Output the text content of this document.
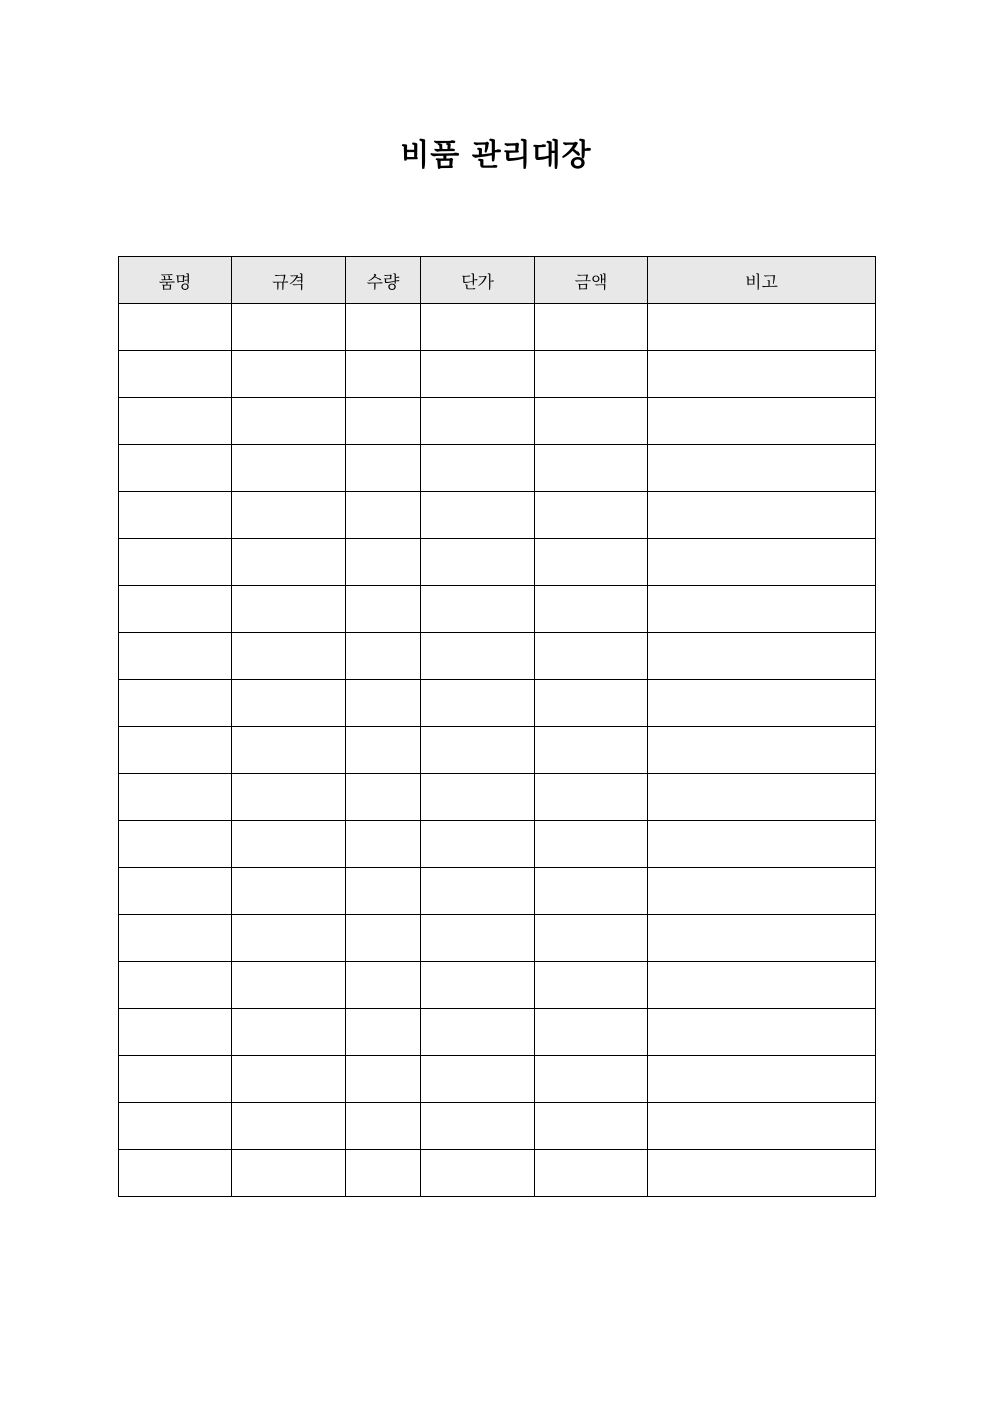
비품 관리대장
품명	규격	수량	단가	금액	비고
